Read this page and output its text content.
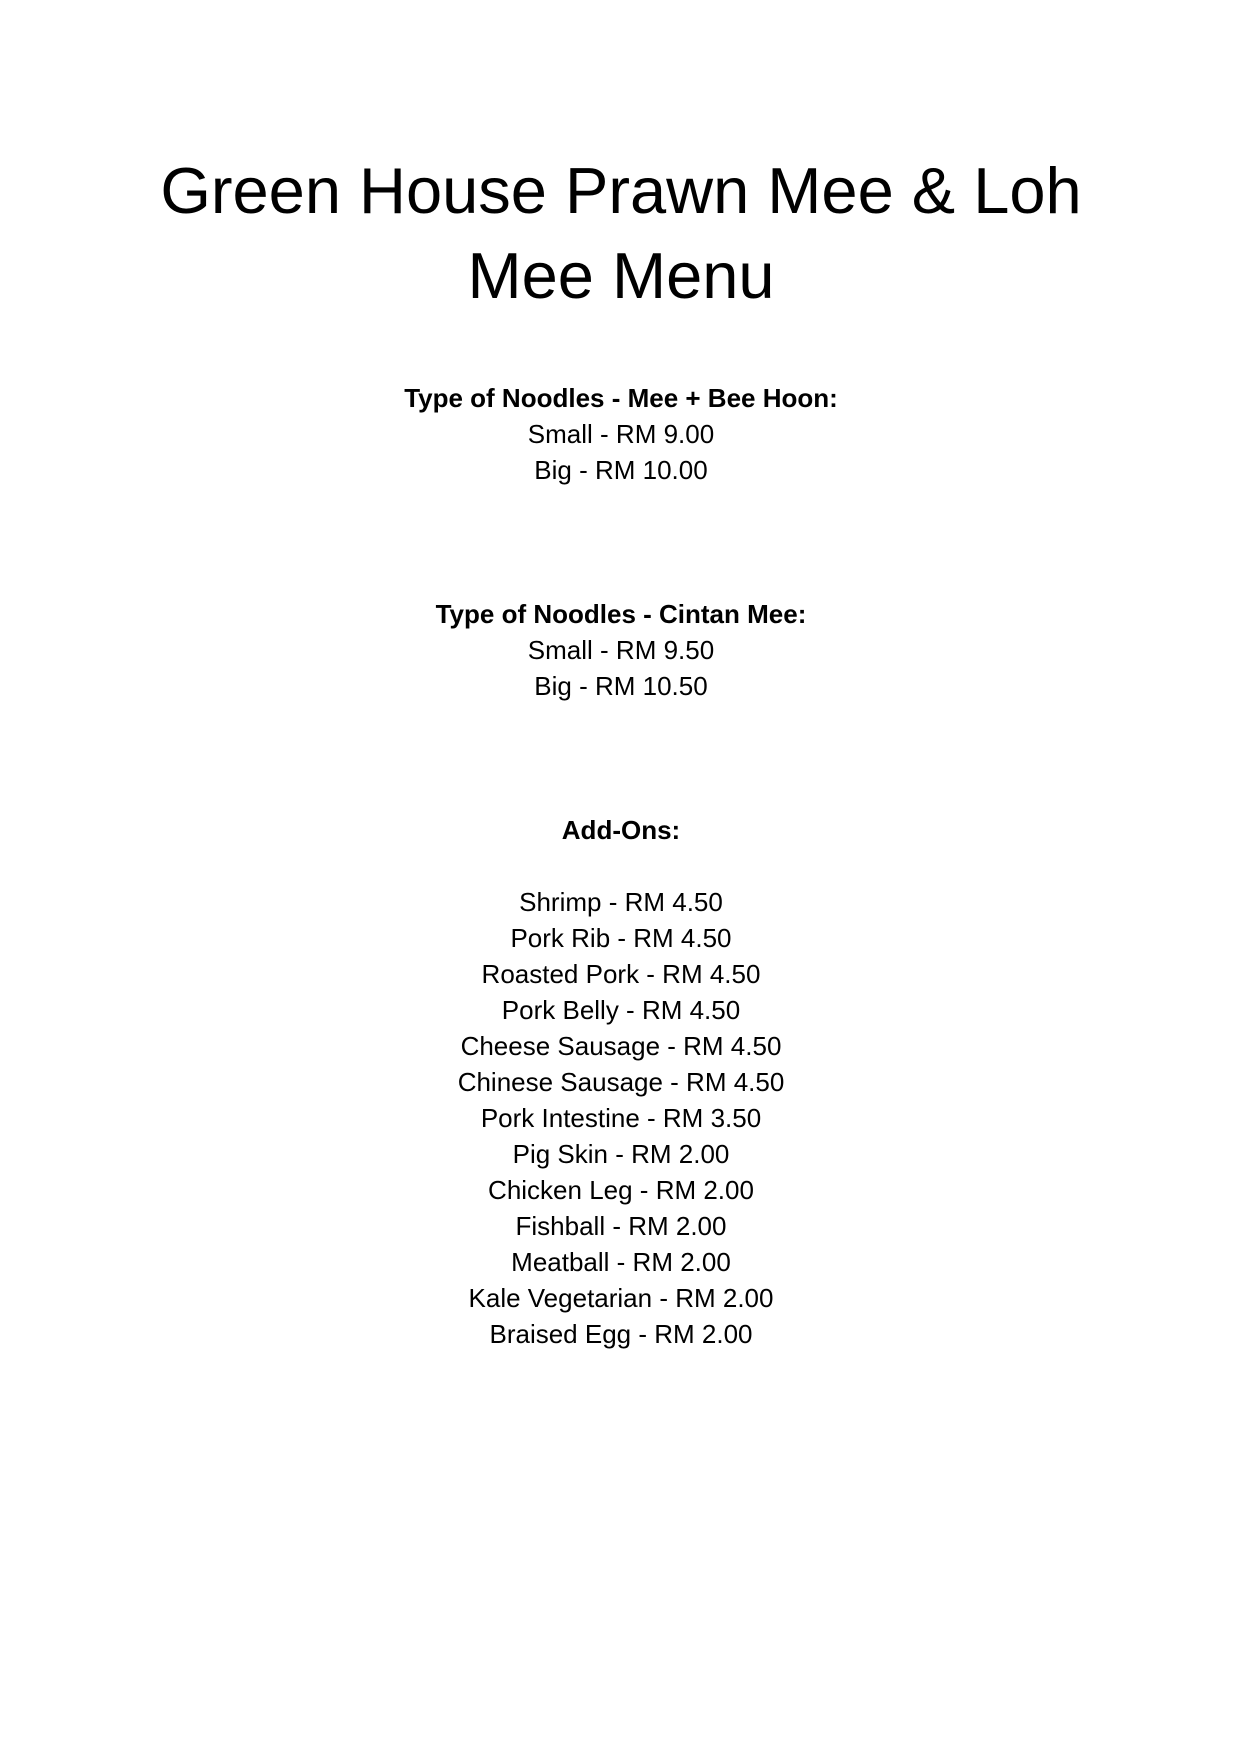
Green House Prawn Mee & Loh
Mee Menu

Type of Noodles - Mee + Bee Hoon:

Small - RM 9.00

Big - RM 10.00

Type of Noodles - Cintan Mee:

Small - RM 9.50

Big - RM 10.50

Add-Ons:

Shrimp - RM 4.50

Pork Rib - RM 4.50

Roasted Pork - RM 4.50

Pork Belly - RM 4.50

Cheese Sausage - RM 4.50

Chinese Sausage - RM 4.50

Pork Intestine - RM 3.50

Pig Skin - RM 2.00

Chicken Leg - RM 2.00

Fishball - RM 2.00

Meatball - RM 2.00

Kale Vegetarian - RM 2.00

Braised Egg - RM 2.00
